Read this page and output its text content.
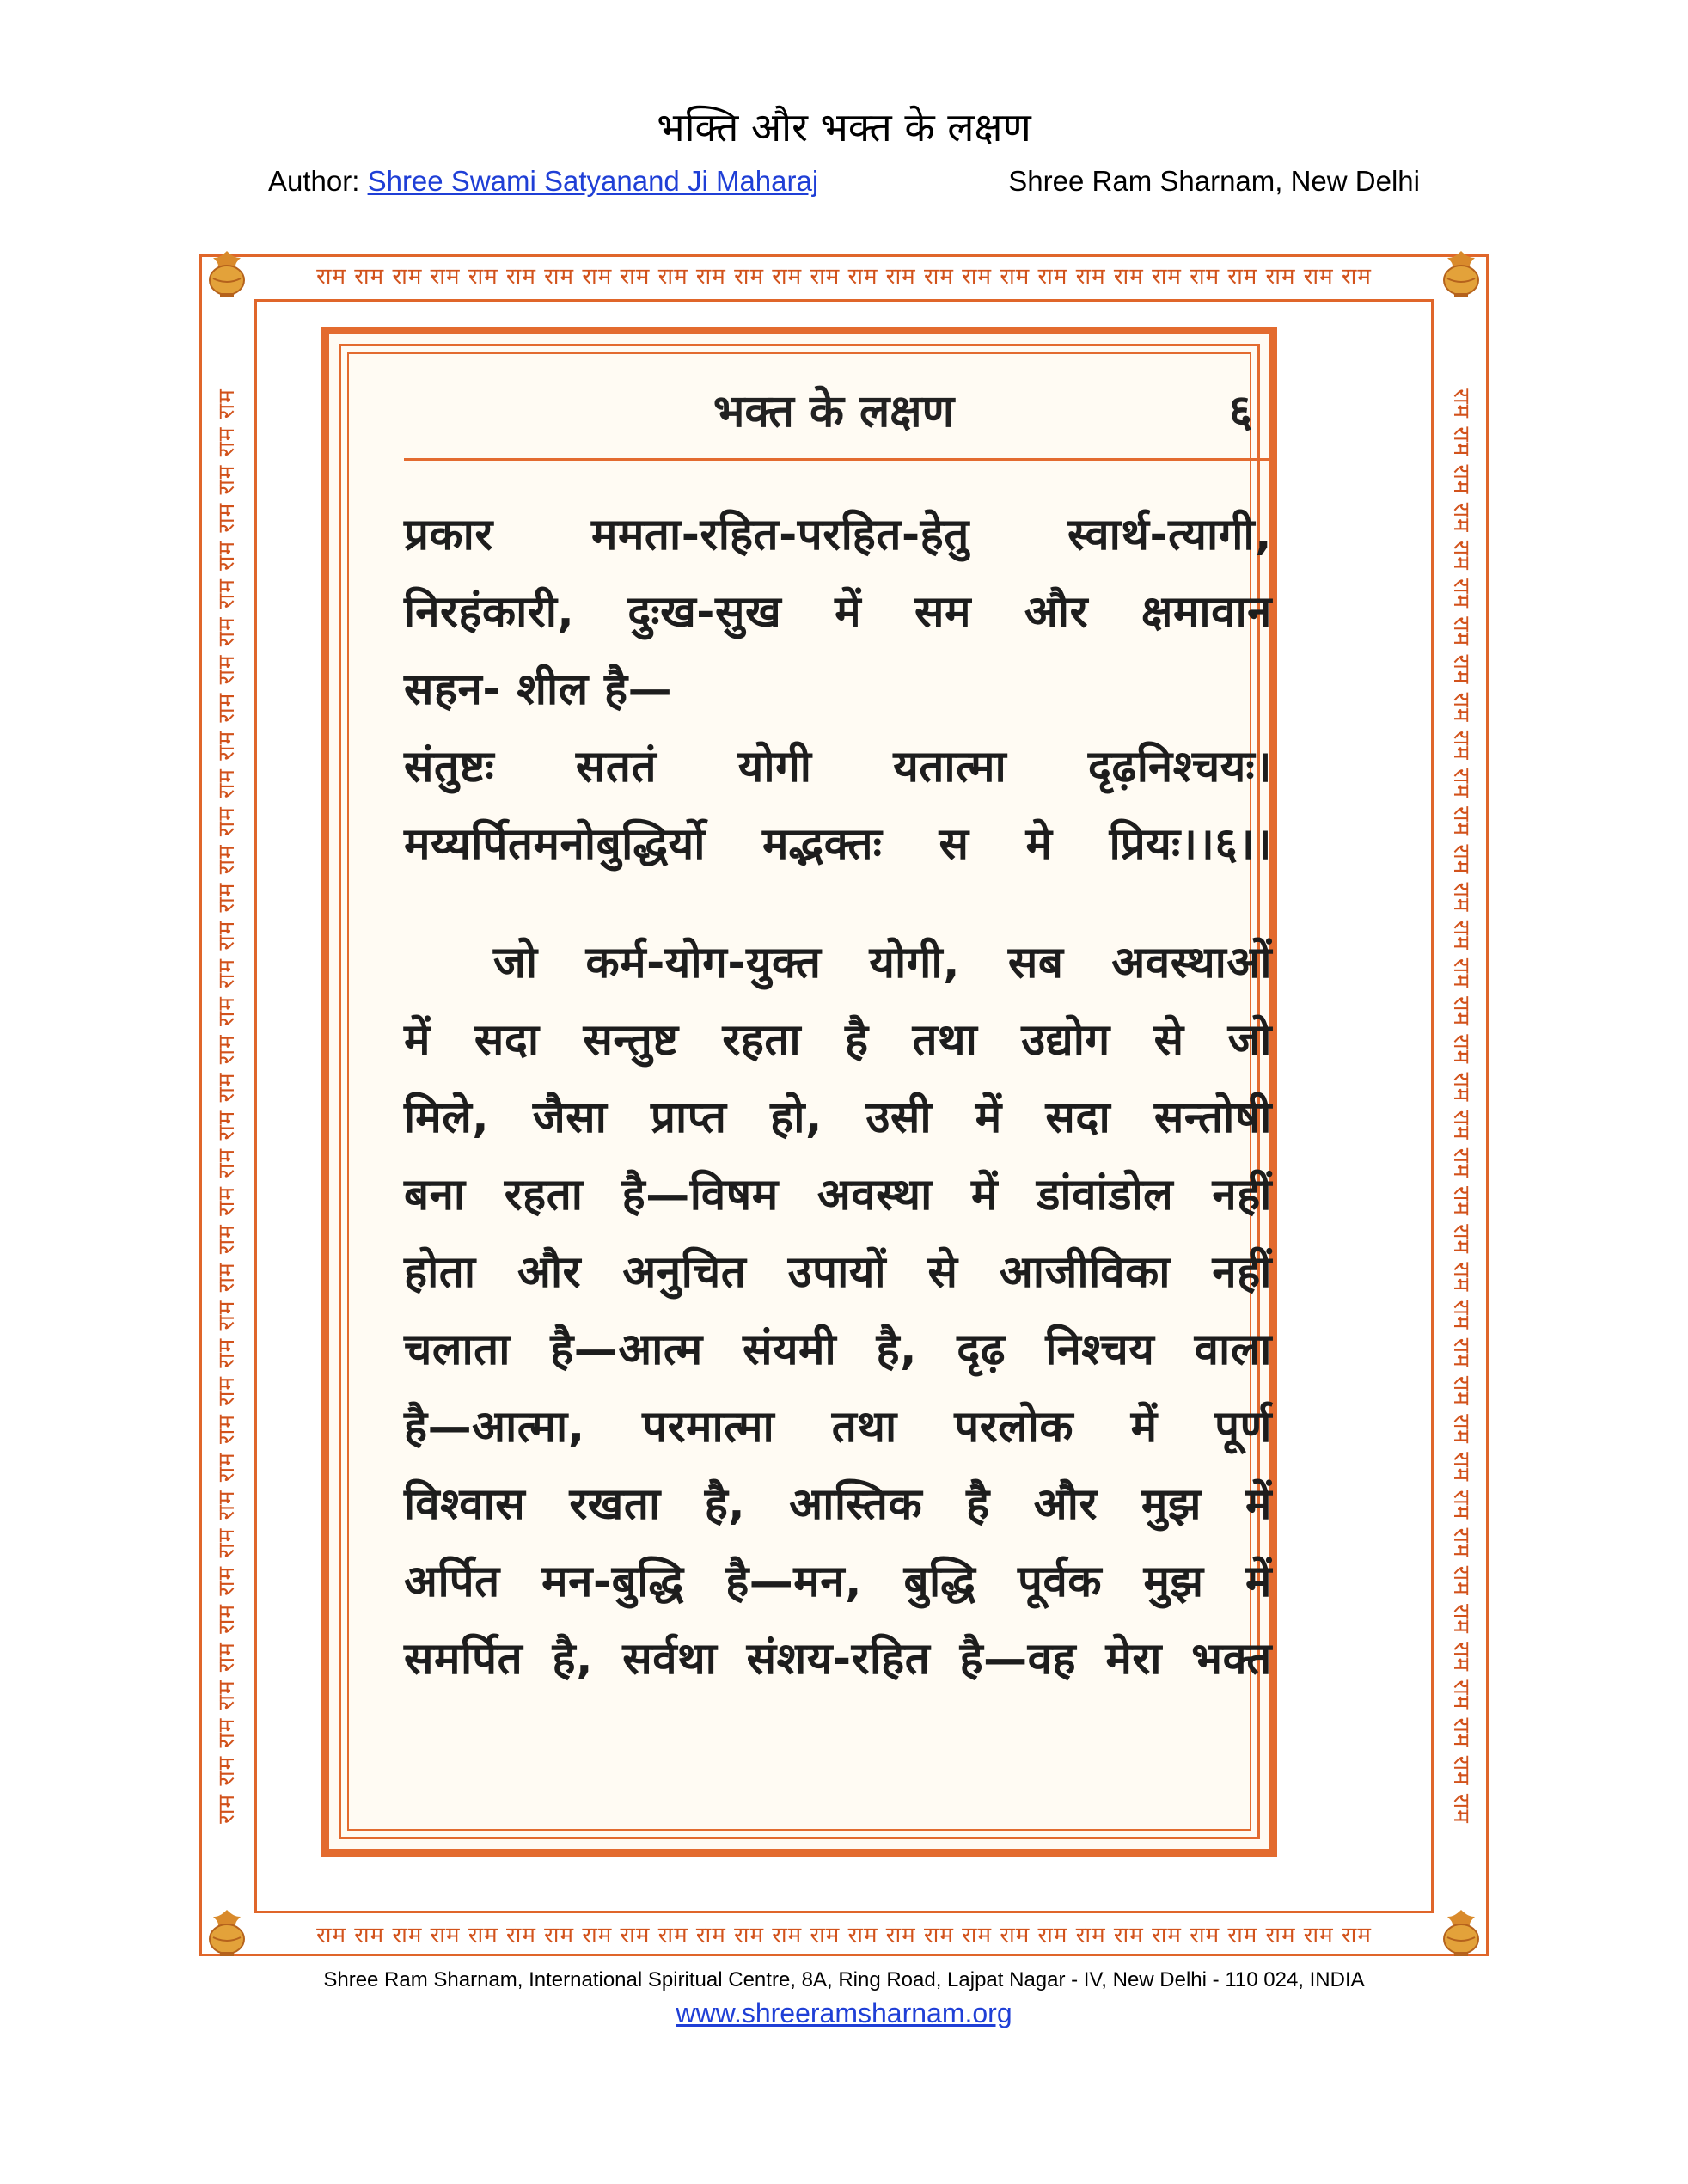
भक्ति और भक्त के लक्षण
Author: Shree Swami Satyanand Ji Maharaj	Shree Ram Sharnam, New Delhi
राम राम राम राम राम राम राम राम राम राम राम राम राम राम राम राम राम राम राम राम राम राम राम राम राम राम राम राम
राम राम राम राम राम राम राम राम राम राम राम राम राम राम राम राम राम राम राम राम राम राम राम राम राम राम राम राम
राम राम राम राम राम राम राम राम राम राम राम राम राम राम राम राम राम राम राम राम राम राम राम राम राम राम राम राम राम राम राम राम राम राम राम राम राम राम	राम राम राम राम राम राम राम राम राम राम राम राम राम राम राम राम राम राम राम राम राम राम राम राम राम राम राम राम राम राम राम राम राम राम राम राम राम राम
भक्त के लक्षण	६

प्रकार ममता-रहित-परहित-हेतु स्वार्थ-त्यागी,

निरहंकारी, दुःख-सुख में सम और क्षमावान

सहन- शील है—

संतुष्टः सततं योगी यतात्मा दृढ़निश्चयः।

मय्यर्पितमनोबुद्धिर्यो मद्भक्तः स मे प्रियः।।६।।

जो कर्म-योग-युक्त योगी, सब अवस्थाओं

में सदा सन्तुष्ट रहता है तथा उद्योग से जो

मिले, जैसा प्राप्त हो, उसी में सदा सन्तोषी

बना रहता है—विषम अवस्था में डांवांडोल नहीं

होता और अनुचित उपायों से आजीविका नहीं

चलाता है—आत्म संयमी है, दृढ़ निश्चय वाला

है—आत्मा, परमात्मा तथा परलोक में पूर्ण

विश्वास रखता है, आस्तिक है और मुझ में

अर्पित मन-बुद्धि है—मन, बुद्धि पूर्वक मुझ में

समर्पित है, सर्वथा संशय-रहित है—वह मेरा भक्त

Shree Ram Sharnam, International Spiritual Centre, 8A, Ring Road, Lajpat Nagar - IV, New Delhi - 110 024, INDIA
www.shreeramsharnam.org
